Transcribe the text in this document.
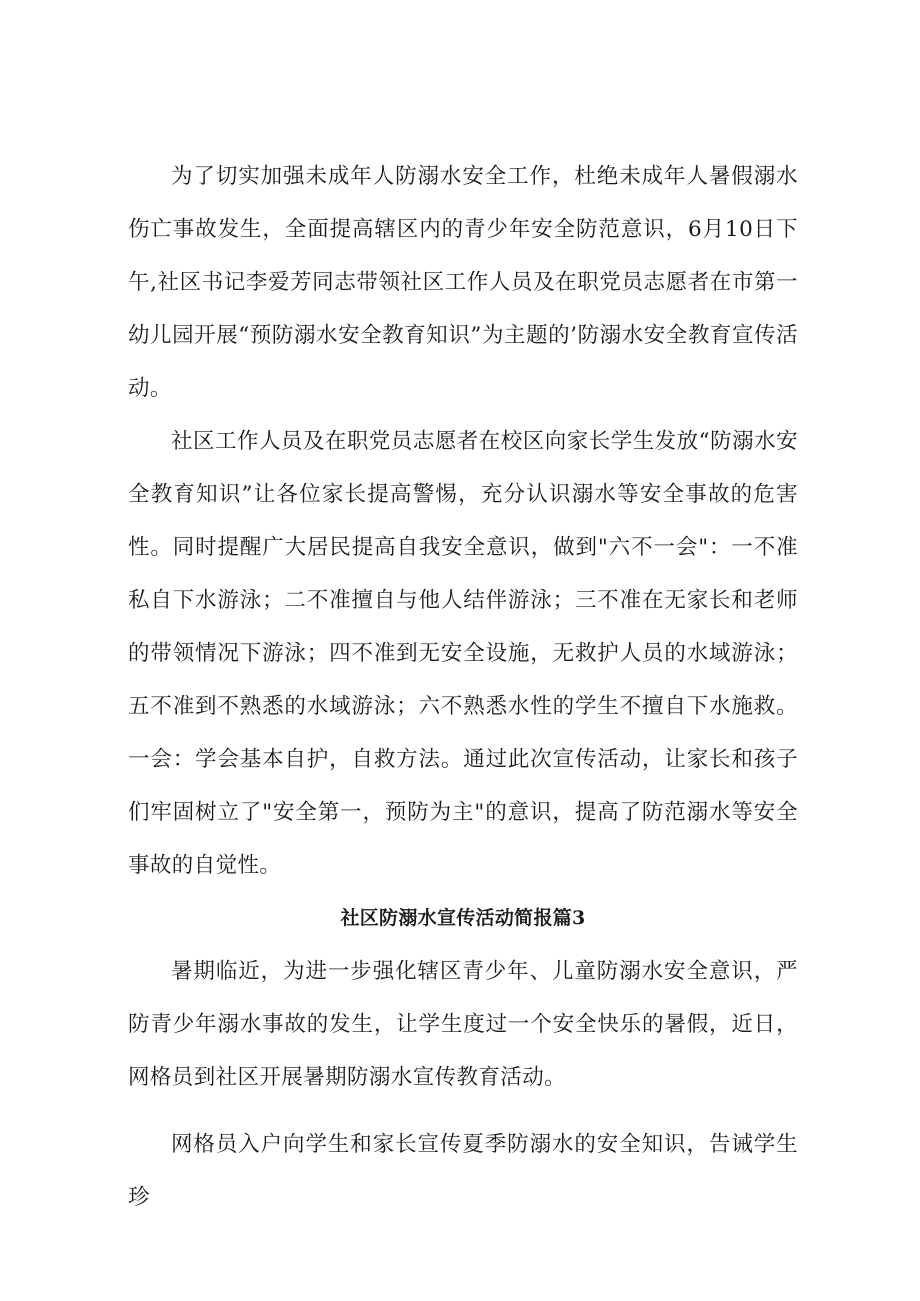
为了切实加强未成年人防溺水安全工作，杜绝未成年人暑假溺水伤亡事故发生，全面提高辖区内的青少年安全防范意识，6月10日下午,社区书记李爱芳同志带领社区工作人员及在职党员志愿者在市第一幼儿园开展“预防溺水安全教育知识”为主题的’防溺水安全教育宣传活动。

社区工作人员及在职党员志愿者在校区向家长学生发放“防溺水安全教育知识”让各位家长提高警惕，充分认识溺水等安全事故的危害性。同时提醒广大居民提高自我安全意识，做到"六不一会"：一不准私自下水游泳；二不准擅自与他人结伴游泳；三不准在无家长和老师的带领情况下游泳；四不准到无安全设施，无救护人员的水域游泳；五不准到不熟悉的水域游泳；六不熟悉水性的学生不擅自下水施救。一会：学会基本自护，自救方法。通过此次宣传活动，让家长和孩子们牢固树立了"安全第一，预防为主"的意识，提高了防范溺水等安全事故的自觉性。

社区防溺水宣传活动简报篇3

暑期临近，为进一步强化辖区青少年、儿童防溺水安全意识，严防青少年溺水事故的发生，让学生度过一个安全快乐的暑假，近日，网格员到社区开展暑期防溺水宣传教育活动。

网格员入户向学生和家长宣传夏季防溺水的安全知识，告诫学生珍
